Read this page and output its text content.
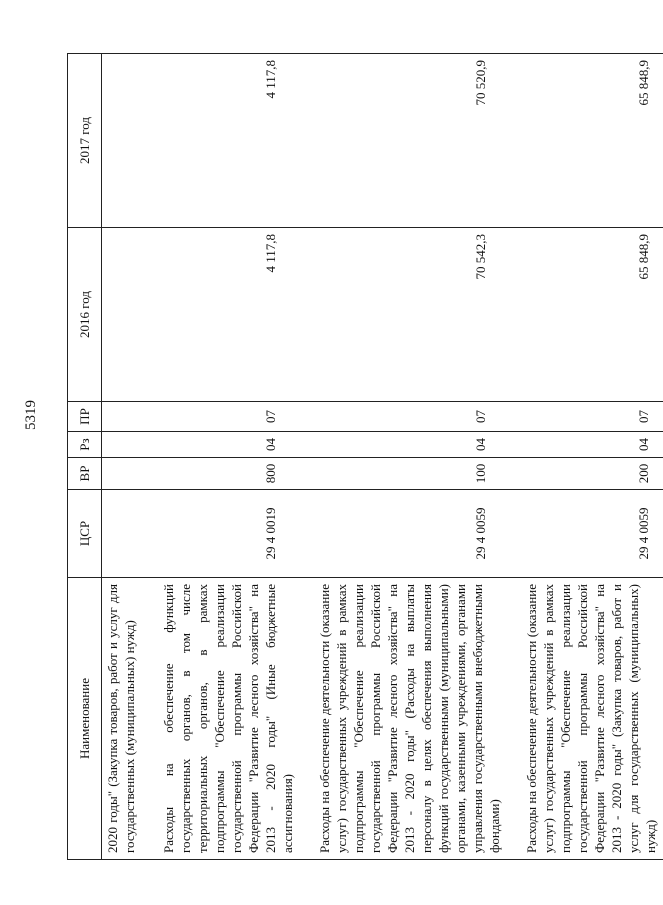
5319
Наименование	ЦСР	ВР	Рз	ПР	2016 год	2017 год
2020 годы" (Закупка товаров, работ и услуг для государственных (муниципальных) нужд)						
Расходы на обеспечение функций государственных органов, в том числе территориальных органов, в рамках подпрограммы "Обеспечение реализации государственной программы Российской Федерации "Развитие лесного хозяйства" на 2013 - 2020 годы" (Иные бюджетные ассигнования)	29 4 0019	800	04	07	4 117,8	4 117,8
Расходы на обеспечение деятельности (оказание услуг) государственных учреждений в рамках подпрограммы "Обеспечение реализации государственной программы Российской Федерации "Развитие лесного хозяйства" на 2013 - 2020 годы" (Расходы на выплаты персоналу в целях обеспечения выполнения функций государственными (муниципальными) органами, казенными учреждениями, органами управления государственными внебюджетными фондами)	29 4 0059	100	04	07	70 542,3	70 520,9
Расходы на обеспечение деятельности (оказание услуг) государственных учреждений в рамках подпрограммы "Обеспечение реализации государственной программы Российской Федерации "Развитие лесного хозяйства" на 2013 - 2020 годы" (Закупка товаров, работ и услуг для государственных (муниципальных) нужд)	29 4 0059	200	04	07	65 848,9	65 848,9
